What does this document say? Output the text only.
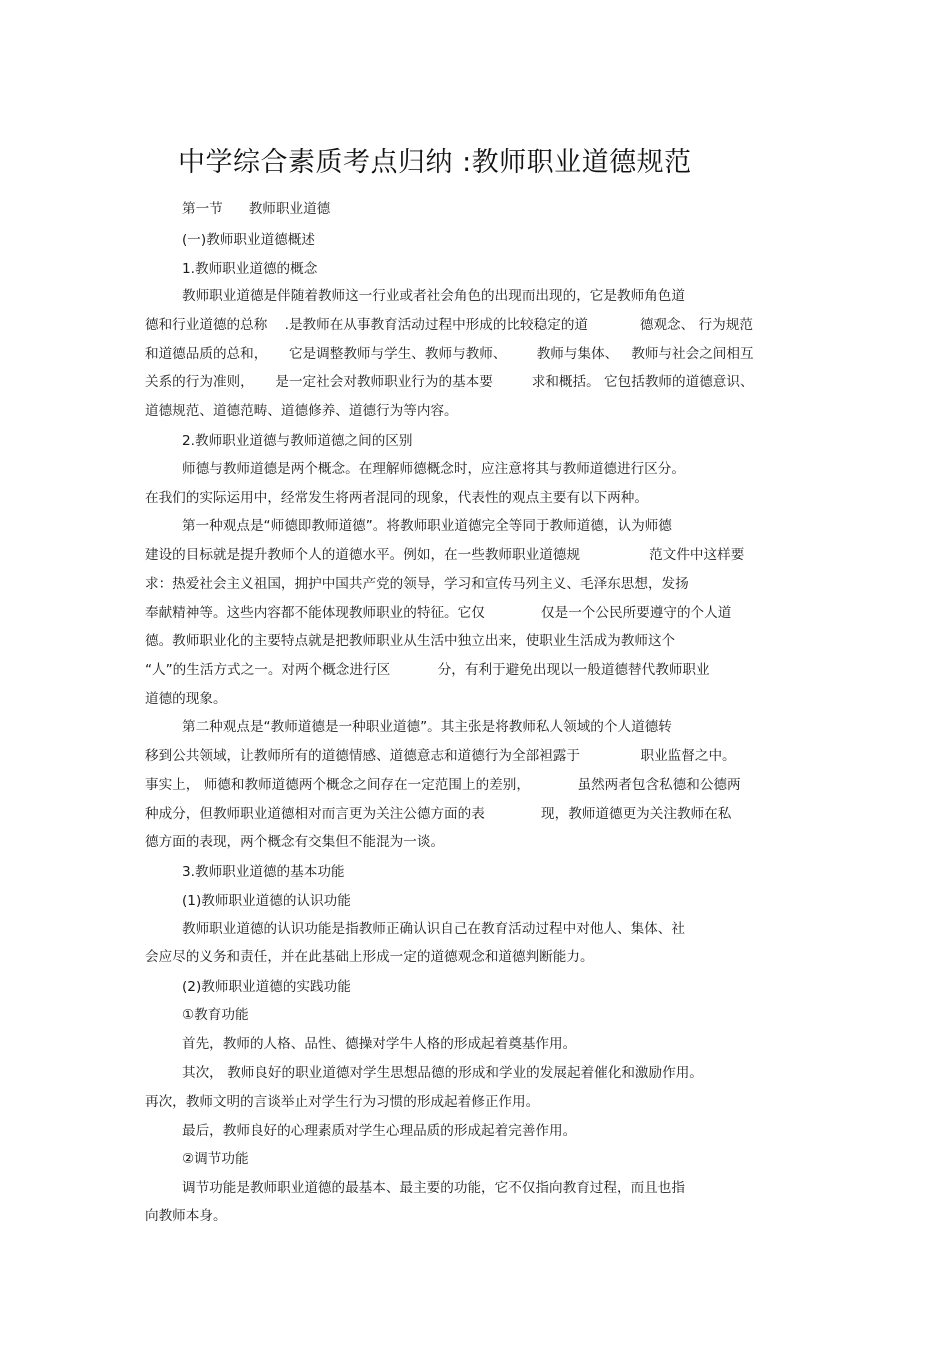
中学综合素质考点归纳 :教师职业道德规范
第一节      教师职业道德
(一)教师职业道德概述
1.教师职业道德的概念
教师职业道德是伴随着教师这一行业或者社会角色的出现而出现的，它是教师角色道
德和行业道德的总称    .是教师在从事教育活动过程中形成的比较稳定的道            德观念、 行为规范
和道德品质的总和，     它是调整教师与学生、教师与教师、       教师与集体、   教师与社会之间相互
关系的行为准则，     是一定社会对教师职业行为的基本要         求和概括。 它包括教师的道德意识、
道德规范、道德范畴、道德修养、道德行为等内容。
2.教师职业道德与教师道德之间的区别
师德与教师道德是两个概念。在理解师德概念时，应注意将其与教师道德进行区分。
在我们的实际运用中，经常发生将两者混同的现象，代表性的观点主要有以下两种。
第一种观点是“师德即教师道德”。将教师职业道德完全等同于教师道德，认为师德
建设的目标就是提升教师个人的道德水平。例如，在一些教师职业道德规                范文件中这样要
求：热爱社会主义祖国，拥护中国共产党的领导，学习和宣传马列主义、毛泽东思想，发扬
奉献精神等。这些内容都不能体现教师职业的特征。它仅             仅是一个公民所要遵守的个人道
德。教师职业化的主要特点就是把教师职业从生活中独立出来，使职业生活成为教师这个
“人”的生活方式之一。对两个概念进行区           分，有利于避免出现以一般道德替代教师职业
道德的现象。
第二种观点是“教师道德是一种职业道德”。其主张是将教师私人领域的个人道德转
移到公共领域，让教师所有的道德情感、道德意志和道德行为全部袒露于              职业监督之中。
事实上， 师德和教师道德两个概念之间存在一定范围上的差别，           虽然两者包含私德和公德两
种成分，但教师职业道德相对而言更为关注公德方面的表             现，教师道德更为关注教师在私
德方面的表现，两个概念有交集但不能混为一谈。
3.教师职业道德的基本功能
(1)教师职业道德的认识功能
教师职业道德的认识功能是指教师正确认识自己在教育活动过程中对他人、集体、社
会应尽的义务和责任，并在此基础上形成一定的道德观念和道德判断能力。
(2)教师职业道德的实践功能
①教育功能
首先，教师的人格、品性、德操对学牛人格的形成起着奠基作用。
其次， 教师良好的职业道德对学生思想品德的形成和学业的发展起着催化和激励作用。
再次，教师文明的言谈举止对学生行为习惯的形成起着修正作用。
最后，教师良好的心理素质对学生心理品质的形成起着完善作用。
②调节功能
调节功能是教师职业道德的最基本、最主要的功能，它不仅指向教育过程，而且也指
向教师本身。
